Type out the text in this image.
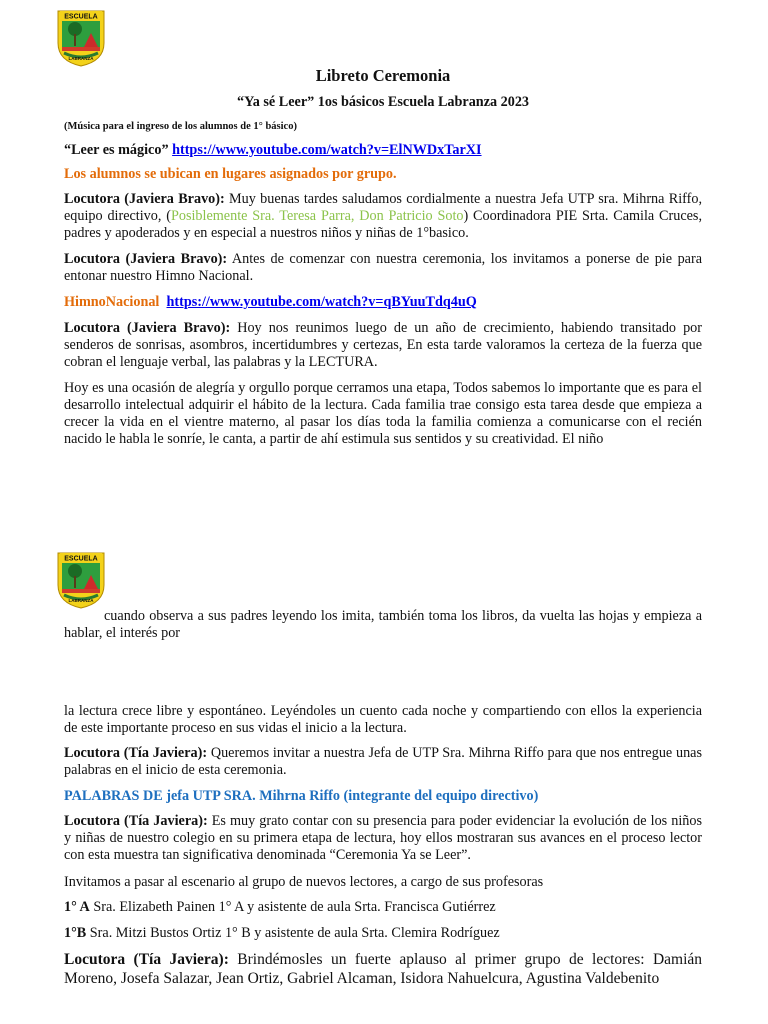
ESCUELA
LABRANZA
Libreto Ceremonia
“Ya sé Leer” 1os básicos Escuela Labranza 2023
(Música para el ingreso de los alumnos de 1° básico)
“Leer es mágico” https://www.youtube.com/watch?v=ElNWDxTarXI
Los alumnos se ubican en lugares asignados por grupo.
Locutora (Javiera Bravo): Muy buenas tardes saludamos cordialmente a nuestra Jefa UTP sra. Mihrna Riffo, equipo directivo, (Posiblemente Sra. Teresa Parra, Don Patricio Soto) Coordinadora PIE Srta. Camila Cruces, padres y apoderados y en especial a nuestros niños y niñas de 1°basico.
Locutora (Javiera Bravo): Antes de comenzar con nuestra ceremonia, los invitamos a ponerse de pie para entonar nuestro Himno Nacional.
HimnoNacional https://www.youtube.com/watch?v=qBYuuTdq4uQ
Locutora (Javiera Bravo): Hoy nos reunimos luego de un año de crecimiento, habiendo transitado por senderos de sonrisas, asombros, incertidumbres y certezas, En esta tarde valoramos la certeza de la fuerza que cobran el lenguaje verbal, las palabras y la LECTURA.
Hoy es una ocasión de alegría y orgullo porque cerramos una etapa, Todos sabemos lo importante que es para el desarrollo intelectual adquirir el hábito de la lectura. Cada familia trae consigo esta tarea desde que empieza a crecer la vida en el vientre materno, al pasar los días toda la familia comienza a comunicarse con el recién nacido le habla le sonríe, le canta, a partir de ahí estimula sus sentidos y su creatividad. El niño
ESCUELA
LABRANZA
cuando observa a sus padres leyendo los imita, también toma los libros, da vuelta las hojas y empieza a hablar, el interés por
la lectura crece libre y espontáneo. Leyéndoles un cuento cada noche y compartiendo con ellos la experiencia de este importante proceso en sus vidas el inicio a la lectura.
Locutora (Tía Javiera): Queremos invitar a nuestra Jefa de UTP Sra. Mihrna Riffo para que nos entregue unas palabras en el inicio de esta ceremonia.
PALABRAS DE jefa UTP SRA. Mihrna Riffo (integrante del equipo directivo)
Locutora (Tía Javiera): Es muy grato contar con su presencia para poder evidenciar la evolución de los niños y niñas de nuestro colegio en su primera etapa de lectura, hoy ellos mostraran sus avances en el proceso lector con esta muestra tan significativa denominada “Ceremonia Ya se Leer”.
Invitamos a pasar al escenario al grupo de nuevos lectores, a cargo de sus profesoras
1° A Sra. Elizabeth Painen 1° A y asistente de aula Srta. Francisca Gutiérrez
1°B Sra. Mitzi Bustos Ortiz 1° B y asistente de aula Srta. Clemira Rodríguez
Locutora (Tía Javiera): Brindémosles un fuerte aplauso al primer grupo de lectores: Damián Moreno, Josefa Salazar, Jean Ortiz, Gabriel Alcaman, Isidora Nahuelcura, Agustina Valdebenito
